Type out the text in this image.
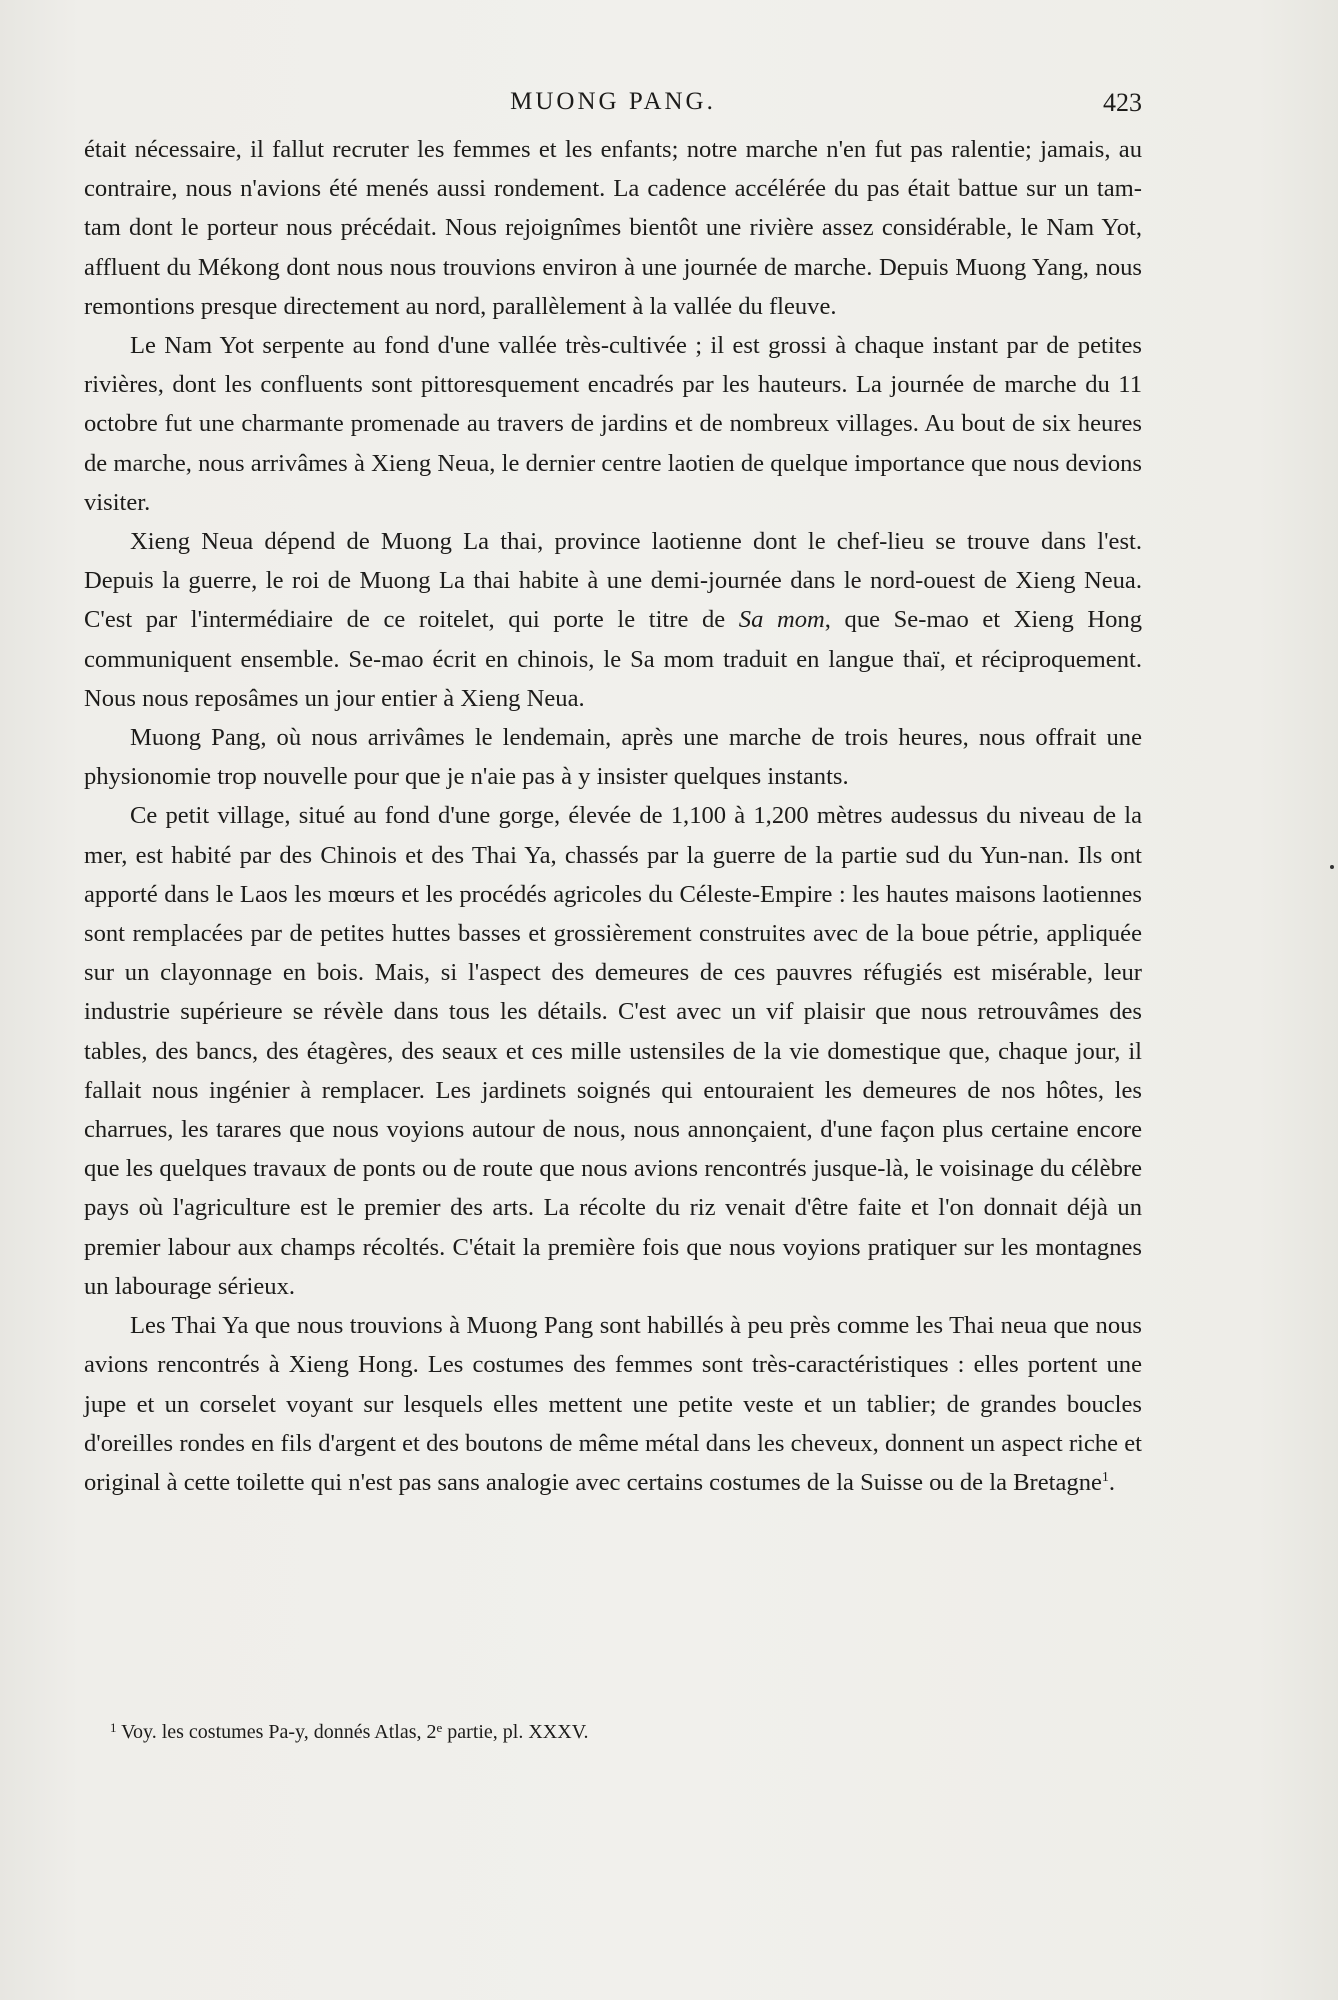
MUONG PANG.	423

était nécessaire, il fallut recruter les femmes et les enfants; notre marche n'en fut pas ralentie; jamais, au contraire, nous n'avions été menés aussi rondement. La cadence accélérée du pas était battue sur un tam-tam dont le porteur nous précédait. Nous rejoignîmes bientôt une rivière assez considérable, le Nam Yot, affluent du Mékong dont nous nous trouvions environ à une journée de marche. Depuis Muong Yang, nous remontions presque directement au nord, parallèlement à la vallée du fleuve.

Le Nam Yot serpente au fond d'une vallée très-cultivée ; il est grossi à chaque instant par de petites rivières, dont les confluents sont pittoresquement encadrés par les hauteurs. La journée de marche du 11 octobre fut une charmante promenade au travers de jardins et de nombreux villages. Au bout de six heures de marche, nous arrivâmes à Xieng Neua, le dernier centre laotien de quelque importance que nous devions visiter.

Xieng Neua dépend de Muong La thai, province laotienne dont le chef-lieu se trouve dans l'est. Depuis la guerre, le roi de Muong La thai habite à une demi-journée dans le nord-ouest de Xieng Neua. C'est par l'intermédiaire de ce roitelet, qui porte le titre de Sa mom, que Se-mao et Xieng Hong communiquent ensemble. Se-mao écrit en chinois, le Sa mom traduit en langue thaï, et réciproquement. Nous nous reposâmes un jour entier à Xieng Neua.

Muong Pang, où nous arrivâmes le lendemain, après une marche de trois heures, nous offrait une physionomie trop nouvelle pour que je n'aie pas à y insister quelques instants.

Ce petit village, situé au fond d'une gorge, élevée de 1,100 à 1,200 mètres audessus du niveau de la mer, est habité par des Chinois et des Thai Ya, chassés par la guerre de la partie sud du Yun-nan. Ils ont apporté dans le Laos les mœurs et les procédés agricoles du Céleste-Empire : les hautes maisons laotiennes sont remplacées par de petites huttes basses et grossièrement construites avec de la boue pétrie, appliquée sur un clayonnage en bois. Mais, si l'aspect des demeures de ces pauvres réfugiés est misérable, leur industrie supérieure se révèle dans tous les détails. C'est avec un vif plaisir que nous retrouvâmes des tables, des bancs, des étagères, des seaux et ces mille ustensiles de la vie domestique que, chaque jour, il fallait nous ingénier à remplacer. Les jardinets soignés qui entouraient les demeures de nos hôtes, les charrues, les tarares que nous voyions autour de nous, nous annonçaient, d'une façon plus certaine encore que les quelques travaux de ponts ou de route que nous avions rencontrés jusque-là, le voisinage du célèbre pays où l'agriculture est le premier des arts. La récolte du riz venait d'être faite et l'on donnait déjà un premier labour aux champs récoltés. C'était la première fois que nous voyions pratiquer sur les montagnes un labourage sérieux.

Les Thai Ya que nous trouvions à Muong Pang sont habillés à peu près comme les Thai neua que nous avions rencontrés à Xieng Hong. Les costumes des femmes sont très-caractéristiques : elles portent une jupe et un corselet voyant sur lesquels elles mettent une petite veste et un tablier; de grandes boucles d'oreilles rondes en fils d'argent et des boutons de même métal dans les cheveux, donnent un aspect riche et original à cette toilette qui n'est pas sans analogie avec certains costumes de la Suisse ou de la Bretagne$^1$.

$^1$ Voy. les costumes Pa-y, donnés Atlas, 2e partie, pl. XXXV.
